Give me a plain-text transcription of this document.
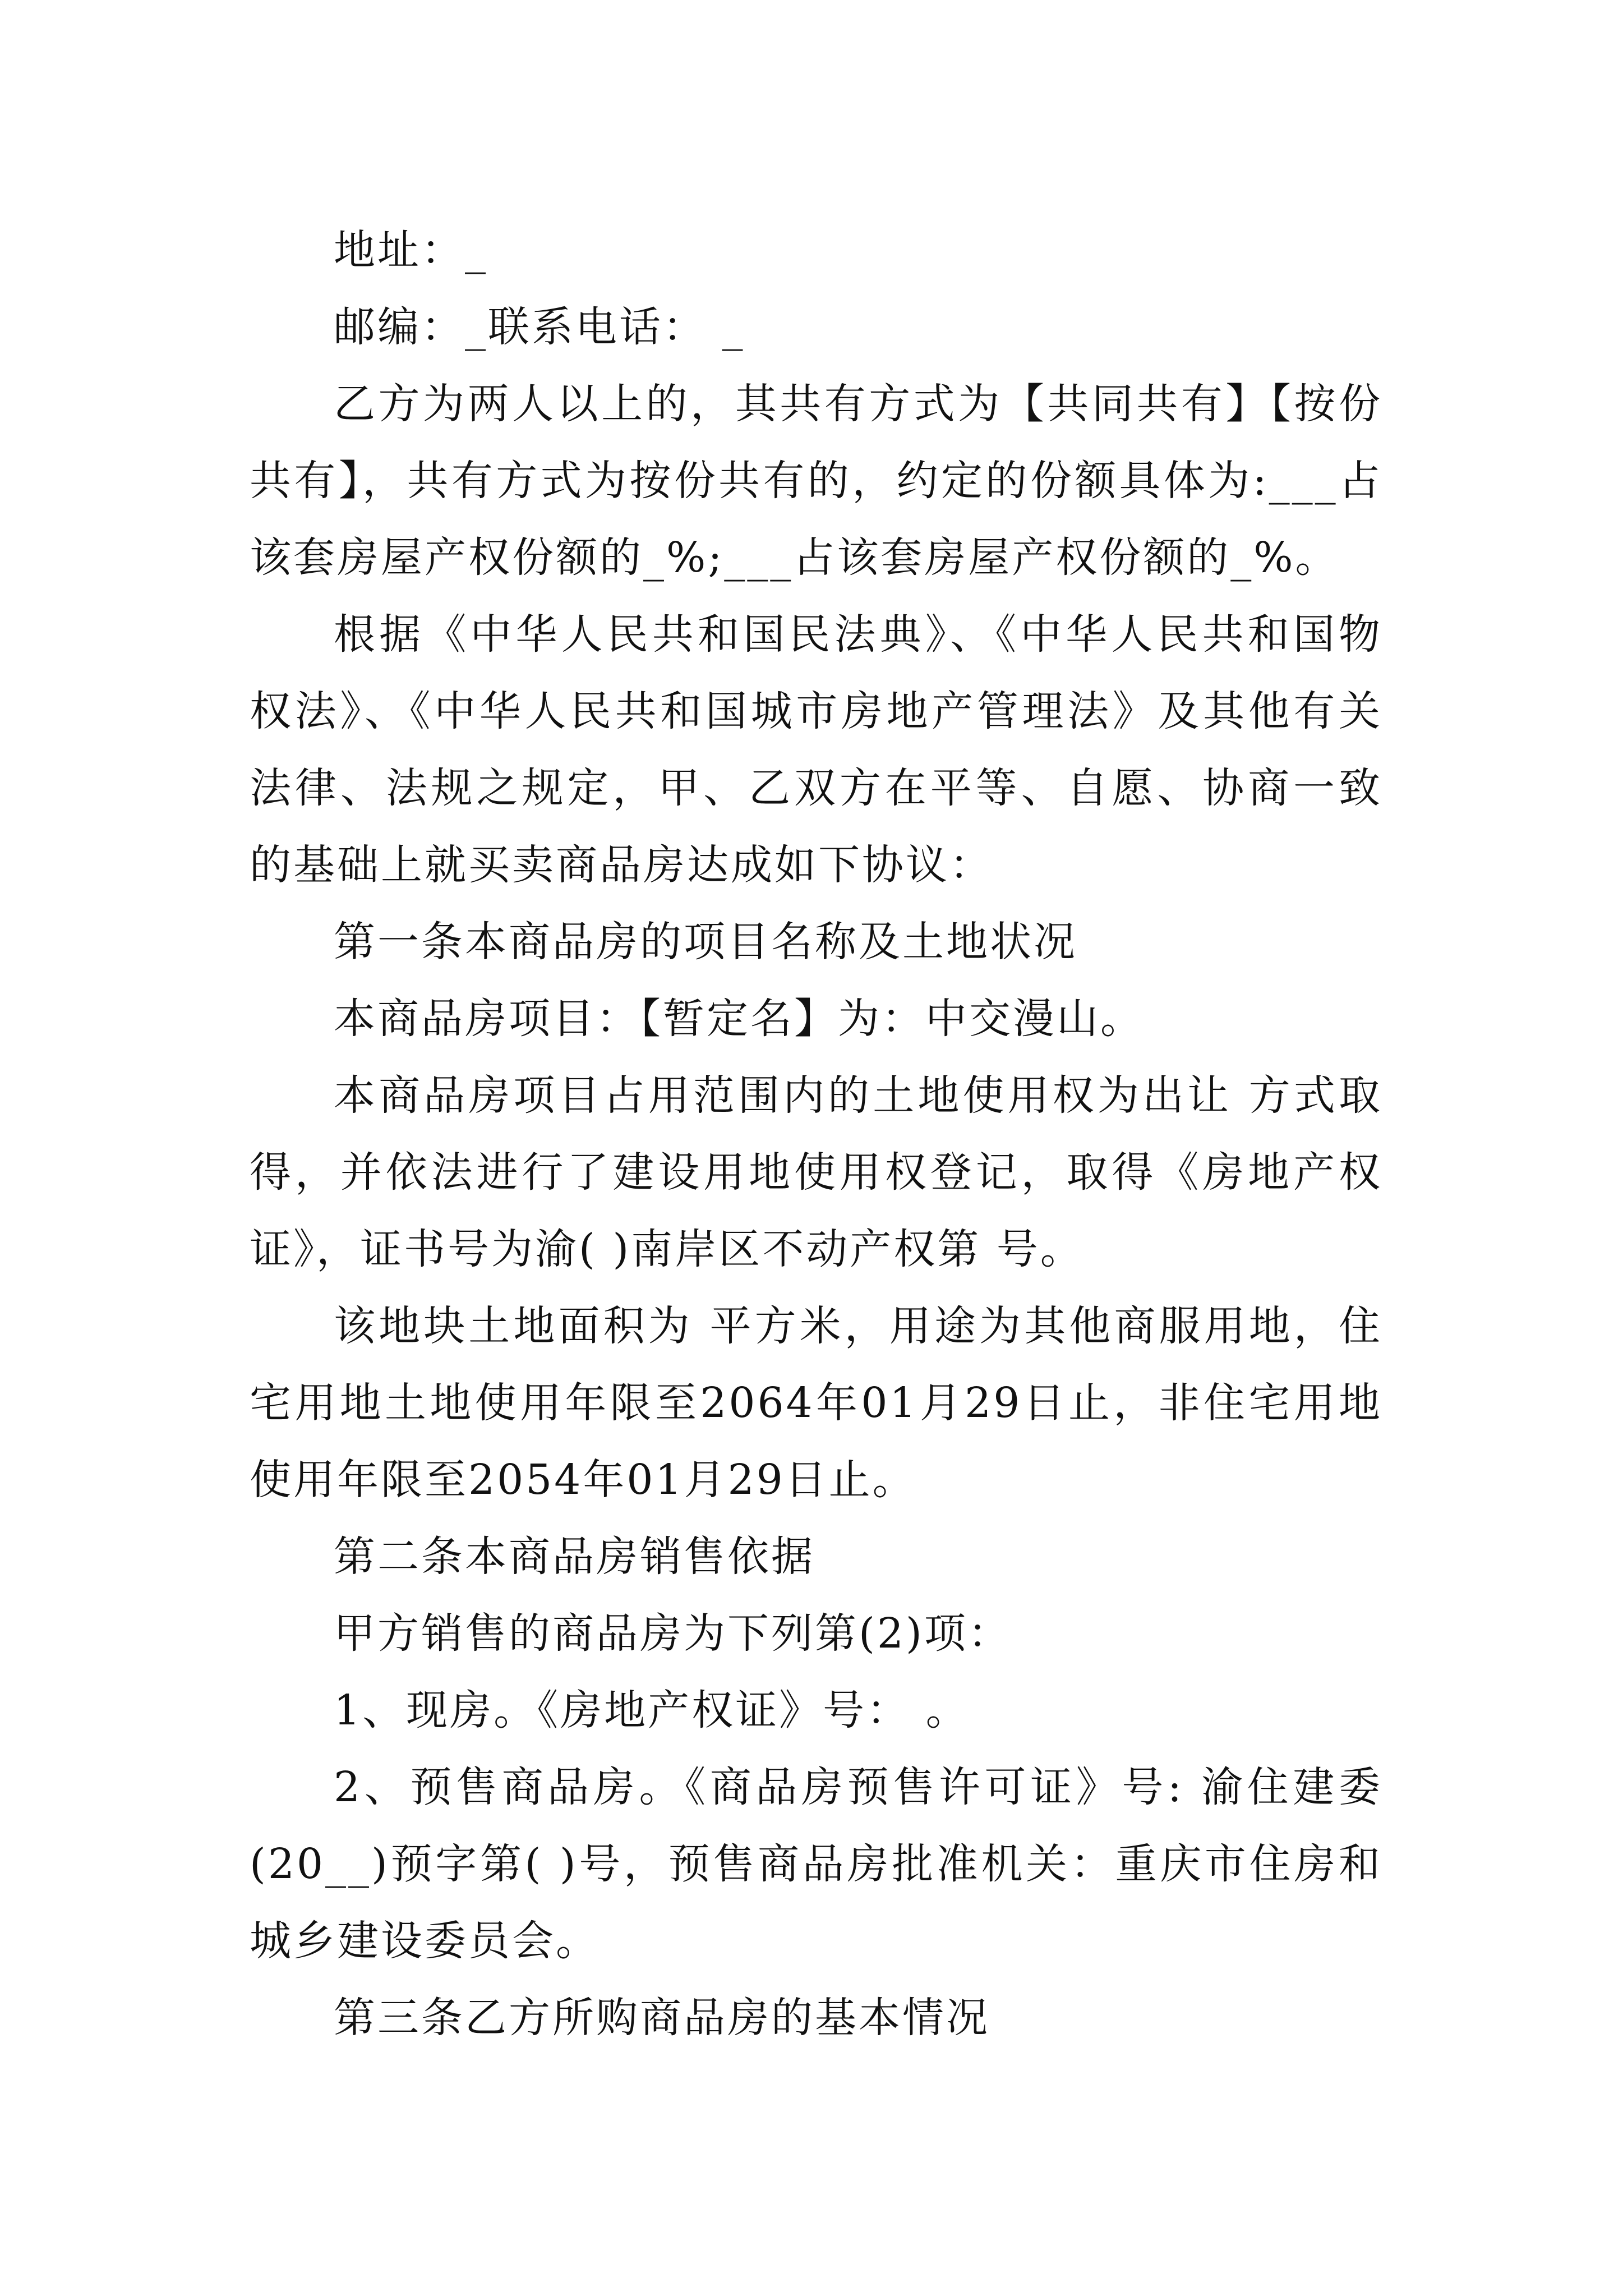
地址：_

邮编：_联系电话： _

乙方为两人以上的，其共有方式为【共同共有】【按份共有】，共有方式为按份共有的，约定的份额具体为:___占该套房屋产权份额的_%;___占该套房屋产权份额的_%。

根据《中华人民共和国民法典》、《中华人民共和国物权法》、《中华人民共和国城市房地产管理法》及其他有关法律、法规之规定，甲、乙双方在平等、自愿、协商一致的基础上就买卖商品房达成如下协议：

第一条本商品房的项目名称及土地状况

本商品房项目：【暂定名】为：中交漫山。

本商品房项目占用范围内的土地使用权为出让 方式取得，并依法进行了建设用地使用权登记，取得《房地产权证》，证书号为渝( )南岸区不动产权第 号。

该地块土地面积为 平方米，用途为其他商服用地，住宅用地土地使用年限至2064年01月29日止，非住宅用地使用年限至2054年01月29日止。

第二条本商品房销售依据

甲方销售的商品房为下列第(2)项：

1、现房。《房地产权证》号： 。

2、预售商品房。《商品房预售许可证》号: 渝住建委(20__)预字第( )号，预售商品房批准机关：重庆市住房和城乡建设委员会。

第三条乙方所购商品房的基本情况
